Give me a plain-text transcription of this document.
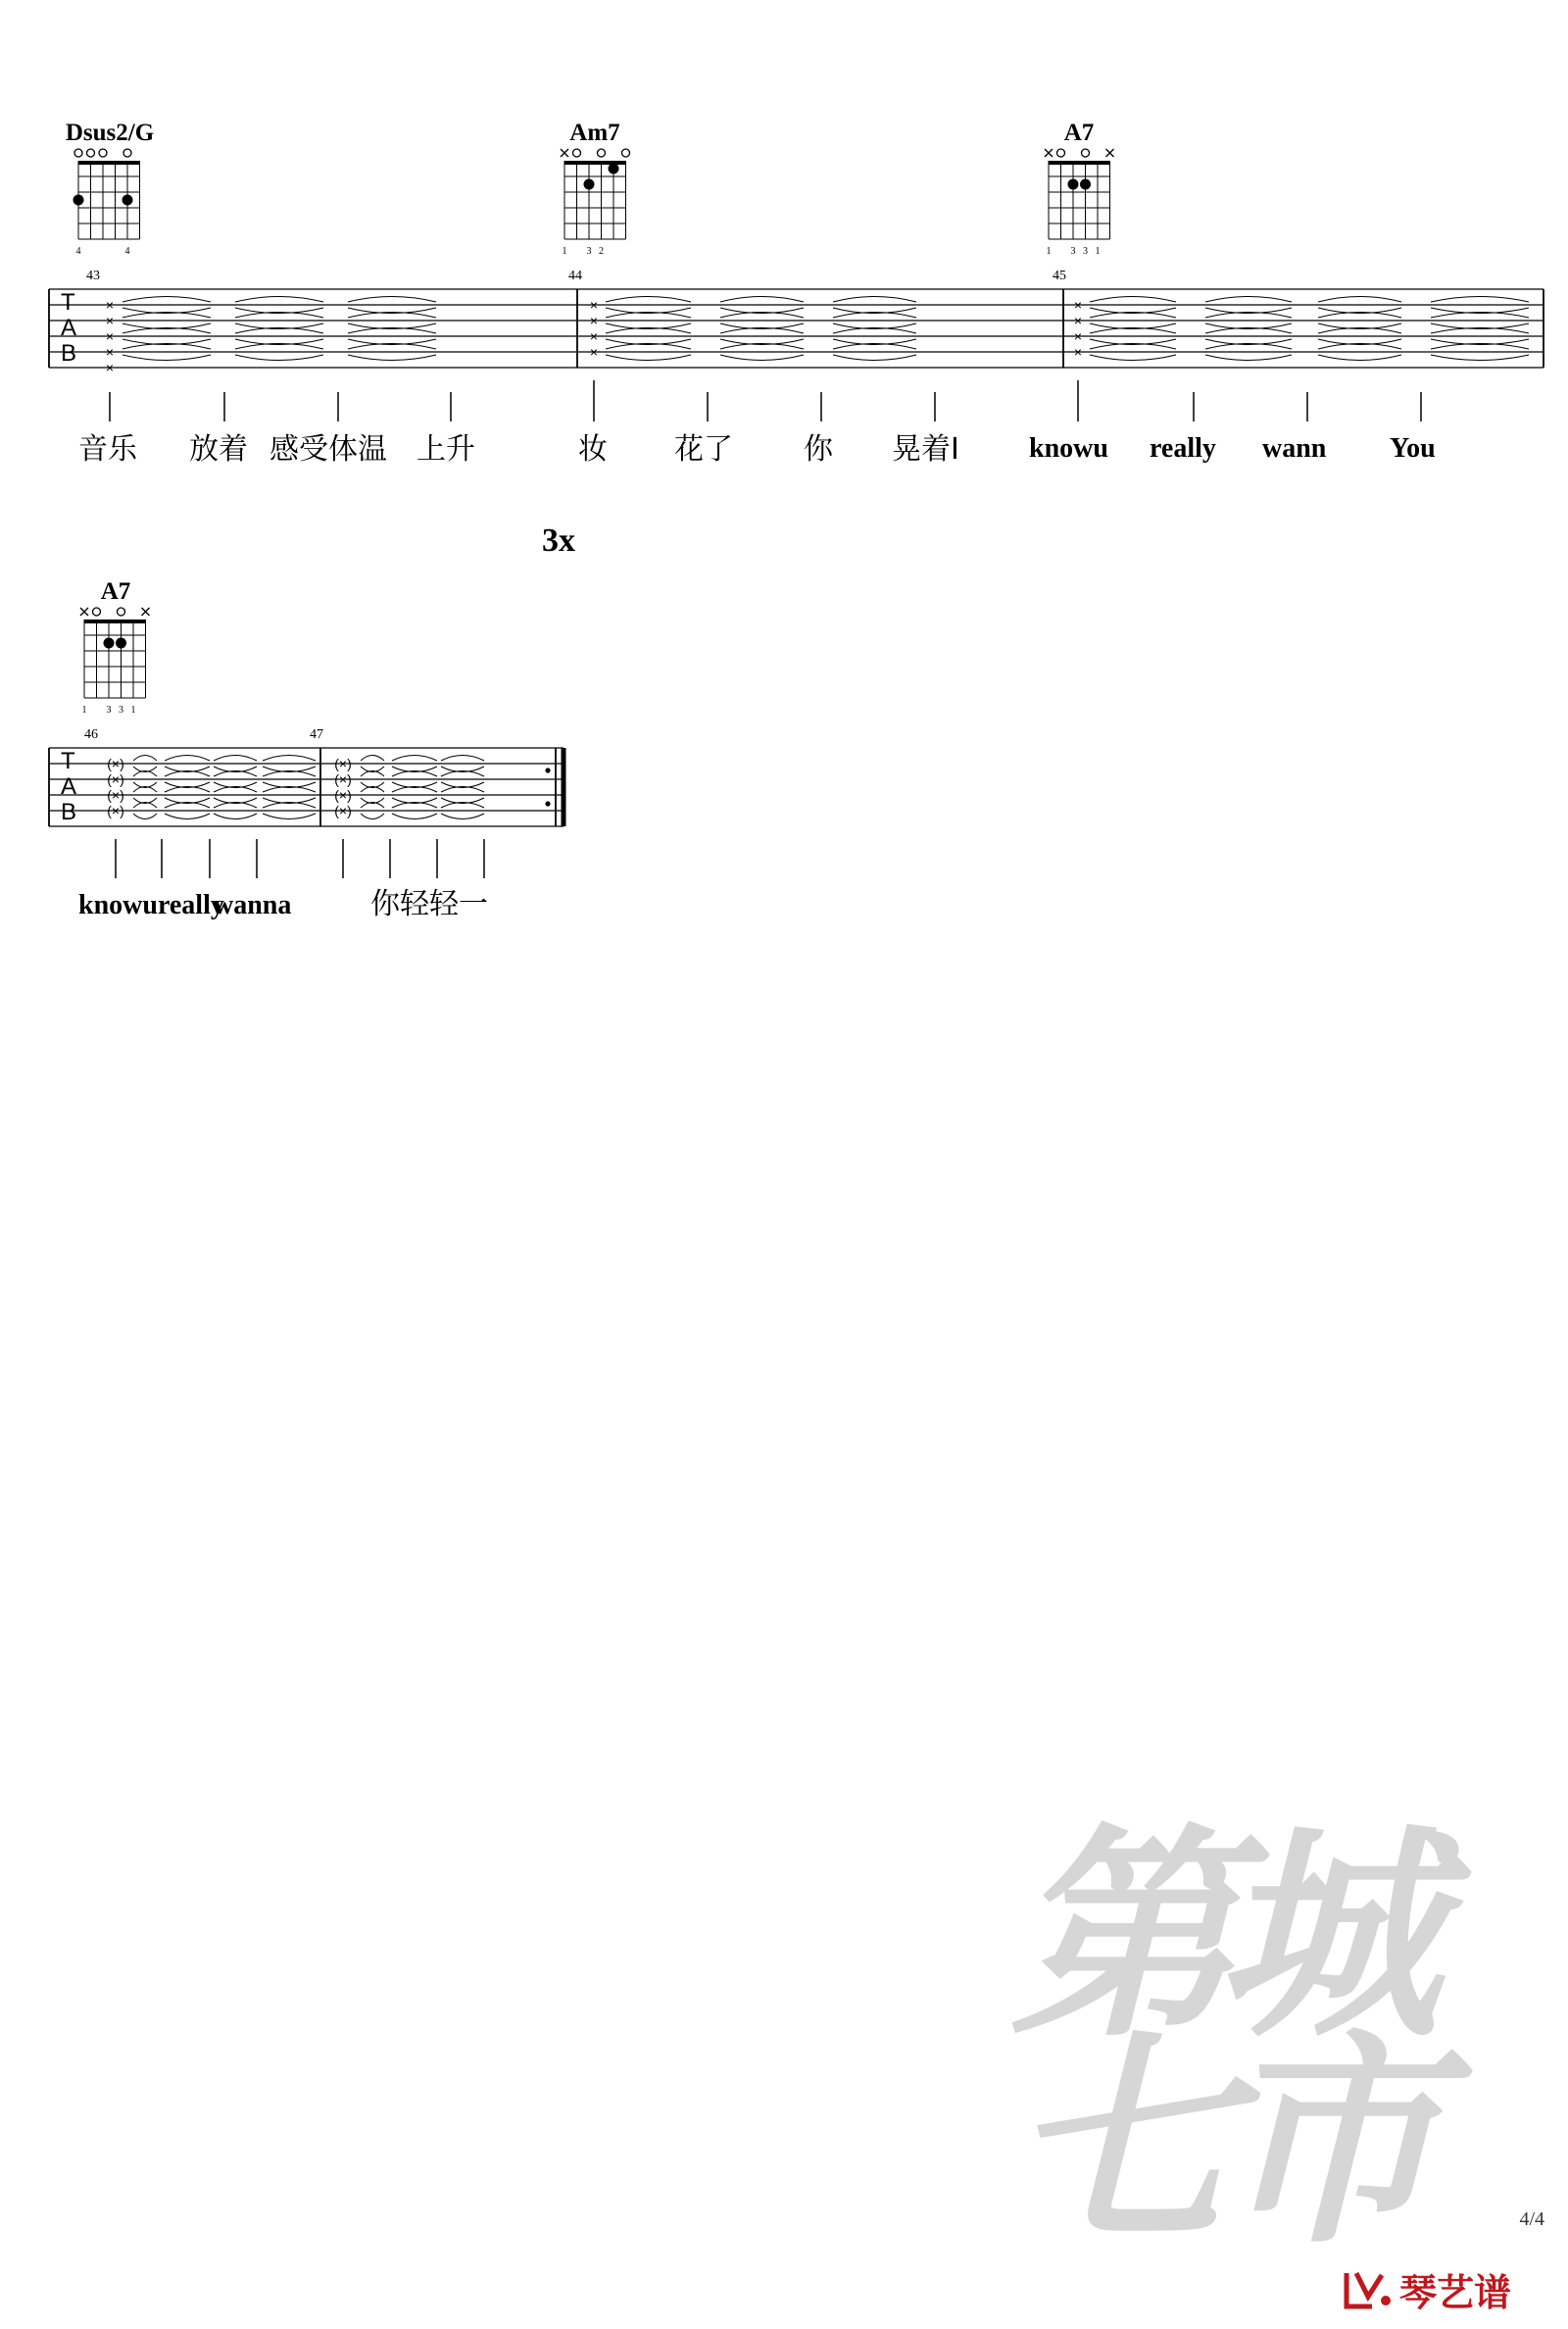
Dsus2/G
4	4
Am7
1 3 2
A7
1 3 3 1
A7
1 3 3 1
T
A
B
43	44	45
×
×
×
×
×
×
×
×
×
×
×
×
×
音乐 放着 感受体温 上升	妆 花了 你 晃着I	knowu really wann You
3x
T
A
B
46	47
(×)
(×)
(×)
(×)
(×)
(×)
(×)
(×)
knowureally
wanna	你轻轻一
第
城
七
市	4/4
琴艺谱
